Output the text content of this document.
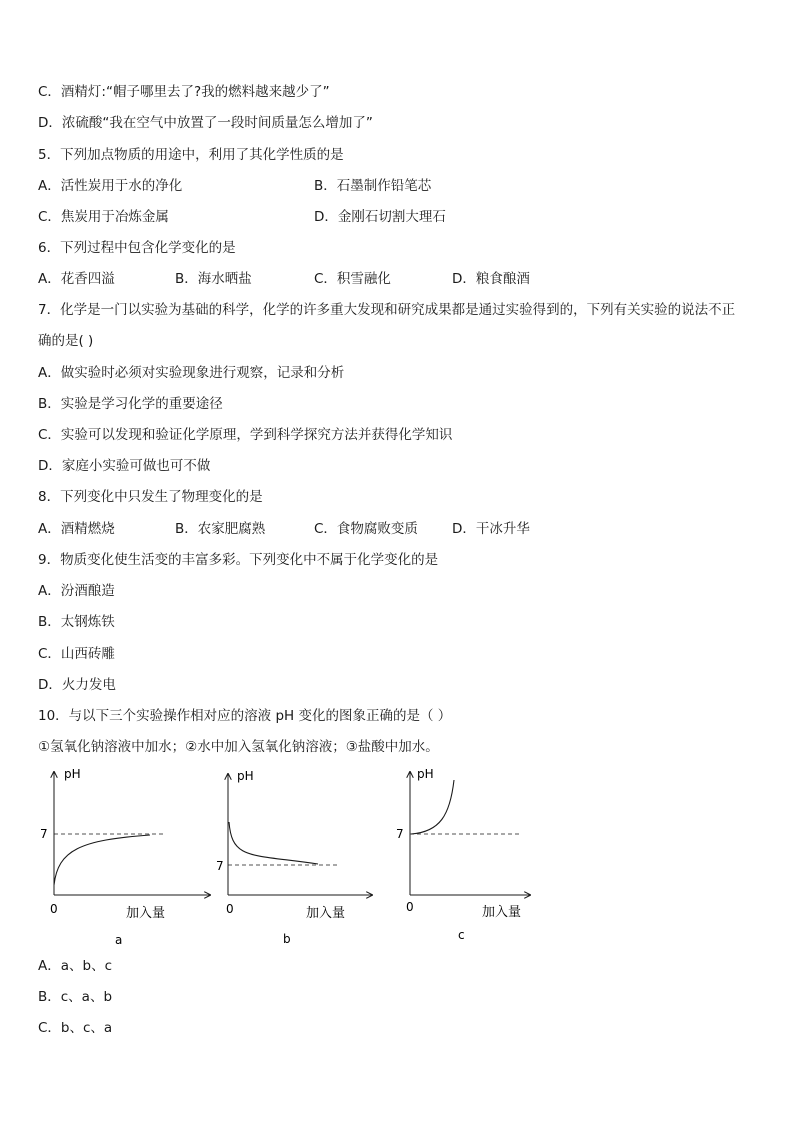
C．酒精灯:“帽子哪里去了?我的燃料越来越少了”
D．浓硫酸“我在空气中放置了一段时间质量怎么增加了”
5．下列加点物质的用途中，利用了其化学性质的是
A．活性炭用于水的净化	B．石墨制作铅笔芯
C．焦炭用于冶炼金属	D．金刚石切割大理石
6．下列过程中包含化学变化的是
A．花香四溢	B．海水晒盐	C．积雪融化	D．粮食酿酒
7．化学是一门以实验为基础的科学，化学的许多重大发现和研究成果都是通过实验得到的，下列有关实验的说法不正
确的是( )
A．做实验时必须对实验现象进行观察，记录和分析
B．实验是学习化学的重要途径
C．实验可以发现和验证化学原理，学到科学探究方法并获得化学知识
D．家庭小实验可做也可不做
8．下列变化中只发生了物理变化的是
A．酒精燃烧	B．农家肥腐熟	C．食物腐败变质	D．干冰升华
9．物质变化使生活变的丰富多彩。下列变化中不属于化学变化的是
A．汾酒酿造
B．太钢炼铁
C．山西砖雕
D．火力发电
10．与以下三个实验操作相对应的溶液 pH 变化的图象正确的是（ ）
①氢氧化钠溶液中加水；②水中加入氢氧化钠溶液；③盐酸中加水。
pH
7
0	加入量
a
pH
7
0	加入量
b
pH
7
0	加入量
c
A．a、b、c
B．c、a、b
C．b、c、a
